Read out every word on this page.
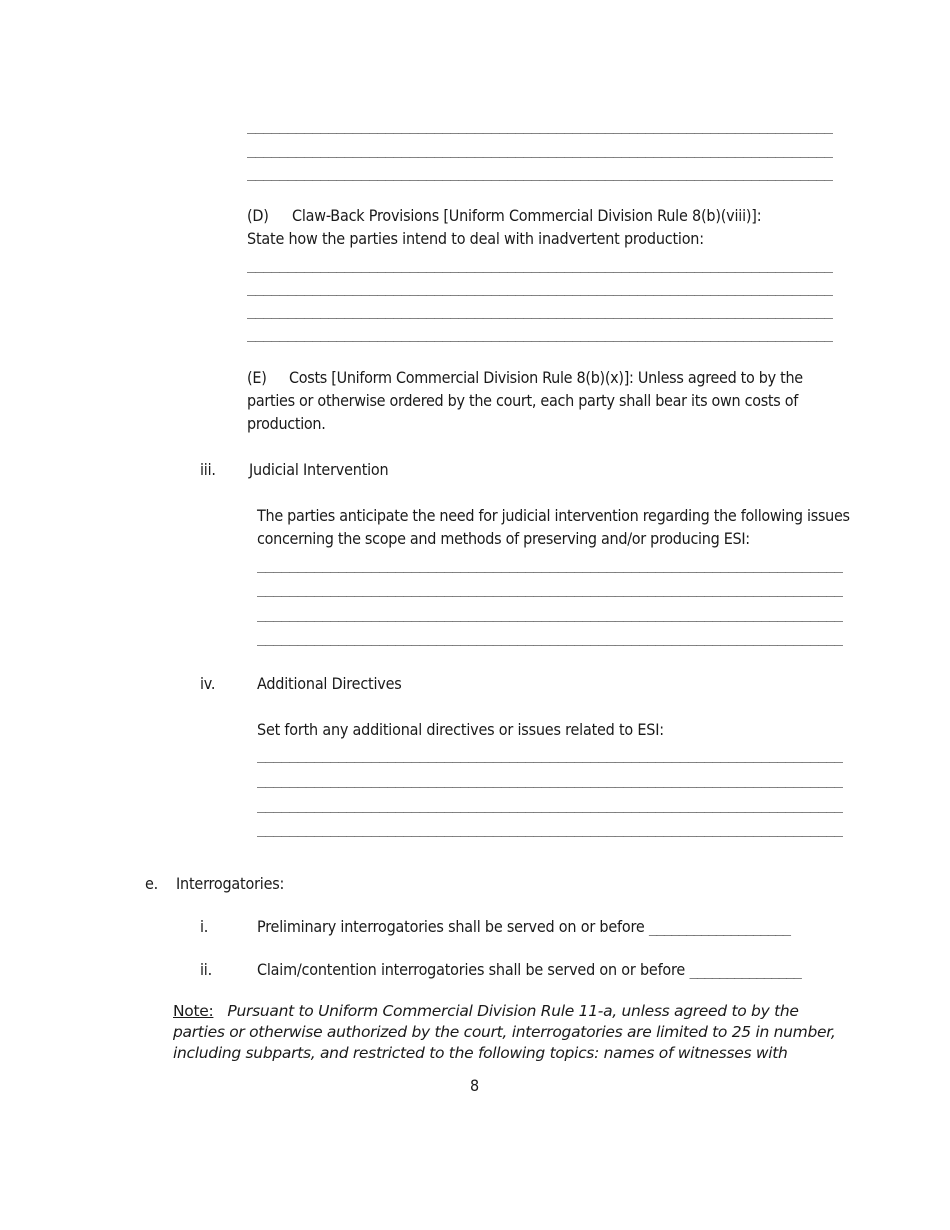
________________________________________________________________________
________________________________________________________________________
________________________________________________________________________
(D) Claw-Back Provisions [Uniform Commercial Division Rule 8(b)(viii)]:
State how the parties intend to deal with inadvertent production:
________________________________________________________________________
________________________________________________________________________
________________________________________________________________________
________________________________________________________________________
(E)	Costs [Uniform Commercial Division Rule 8(b)(x)]: Unless agreed to by the parties or otherwise ordered by the court, each party shall bear its own costs of production.
iii. Judicial Intervention
The parties anticipate the need for judicial intervention regarding the following issues concerning the scope and methods of preserving and/or producing ESI:
________________________________________________________________________
________________________________________________________________________
________________________________________________________________________
________________________________________________________________________
iv.	Additional Directives
Set forth any additional directives or issues related to ESI:
________________________________________________________________________
________________________________________________________________________
________________________________________________________________________
________________________________________________________________________
e. Interrogatories:
i.	Preliminary interrogatories shall be served on or before ___________________
ii.	Claim/contention interrogatories shall be served on or before _______________
Note: Pursuant to Uniform Commercial Division Rule 11-a, unless agreed to by the parties or otherwise authorized by the court, interrogatories are limited to 25 in number, including subparts, and restricted to the following topics: names of witnesses with
8
